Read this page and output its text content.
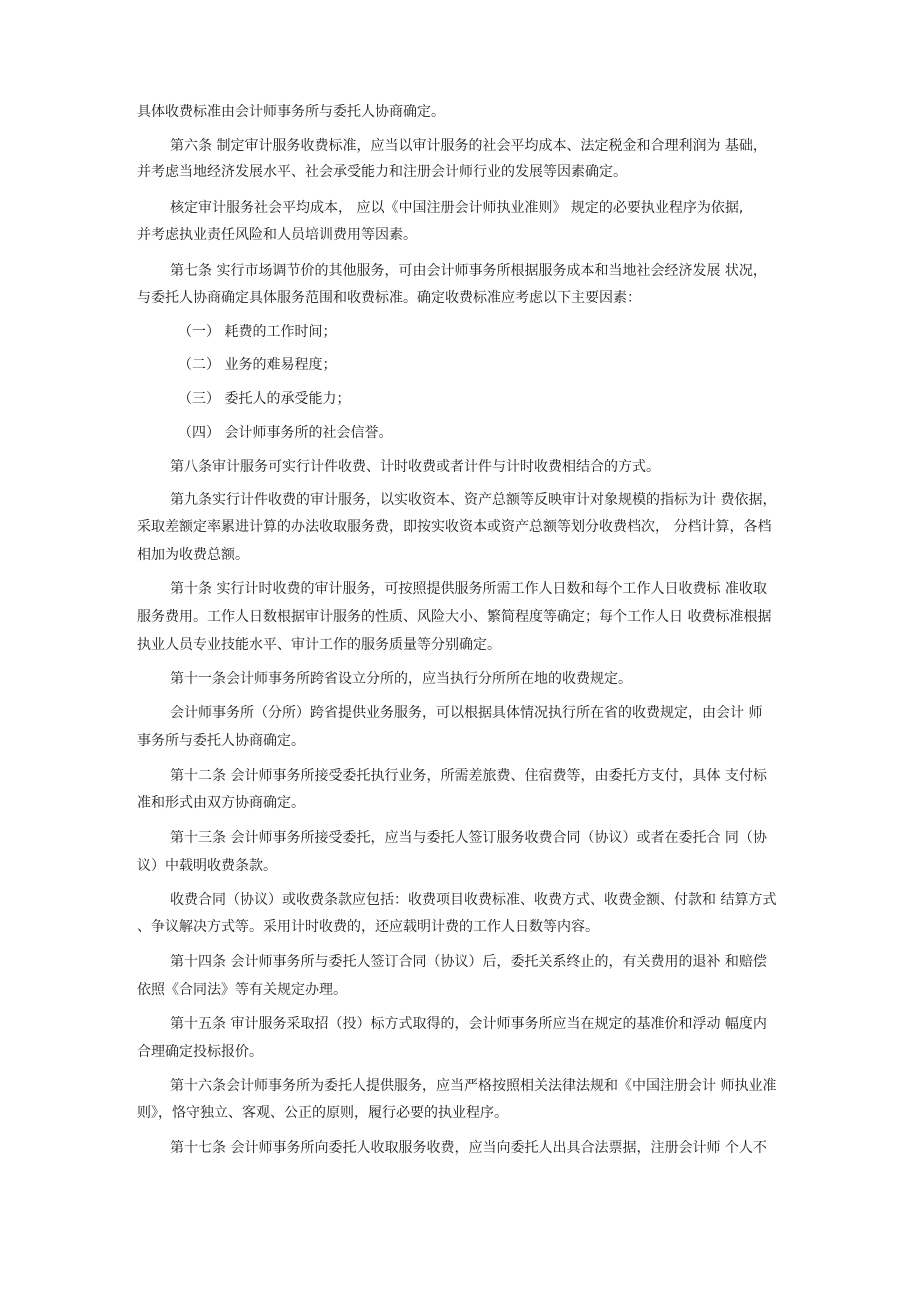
具体收费标准由会计师事务所与委托人协商确定。
第六条 制定审计服务收费标准，应当以审计服务的社会平均成本、法定税金和合理利润为 基础，
并考虑当地经济发展水平、社会承受能力和注册会计师行业的发展等因素确定。
核定审计服务社会平均成本， 应以《中国注册会计师执业准则》 规定的必要执业程序为依据,
并考虑执业责任风险和人员培训费用等因素。
第七条 实行市场调节价的其他服务，可由会计师事务所根据服务成本和当地社会经济发展 状况，
与委托人协商确定具体服务范围和收费标准。确定收费标准应考虑以下主要因素：
（一） 耗费的工作时间；
（二） 业务的难易程度；
（三） 委托人的承受能力；
（四） 会计师事务所的社会信誉。
第八条审计服务可实行计件收费、计时收费或者计件与计时收费相结合的方式。
第九条实行计件收费的审计服务，以实收资本、资产总额等反映审计对象规模的指标为计 费依据，
采取差额定率累进计算的办法收取服务费，即按实收资本或资产总额等划分收费档次， 分档计算，各档
相加为收费总额。
第十条 实行计时收费的审计服务，可按照提供服务所需工作人日数和每个工作人日收费标 准收取
服务费用。工作人日数根据审计服务的性质、风险大小、繁简程度等确定；每个工作人日 收费标准根据
执业人员专业技能水平、审计工作的服务质量等分别确定。
第十一条会计师事务所跨省设立分所的，应当执行分所所在地的收费规定。
会计师事务所（分所）跨省提供业务服务，可以根据具体情况执行所在省的收费规定，由会计 师
事务所与委托人协商确定。
第十二条 会计师事务所接受委托执行业务，所需差旅费、住宿费等，由委托方支付，具体 支付标
准和形式由双方协商确定。
第十三条 会计师事务所接受委托，应当与委托人签订服务收费合同（协议）或者在委托合 同（协
议）中载明收费条款。
收费合同（协议）或收费条款应包括：收费项目收费标准、收费方式、收费金额、付款和 结算方式
、争议解决方式等。采用计时收费的，还应载明计费的工作人日数等内容。
第十四条 会计师事务所与委托人签订合同（协议）后，委托关系终止的，有关费用的退补 和赔偿
依照《合同法》等有关规定办理。
第十五条 审计服务采取招（投）标方式取得的，会计师事务所应当在规定的基准价和浮动 幅度内
合理确定投标报价。
第十六条会计师事务所为委托人提供服务，应当严格按照相关法律法规和《中国注册会计 师执业准
则》，恪守独立、客观、公正的原则，履行必要的执业程序。
第十七条 会计师事务所向委托人收取服务收费，应当向委托人出具合法票据，注册会计师 个人不
